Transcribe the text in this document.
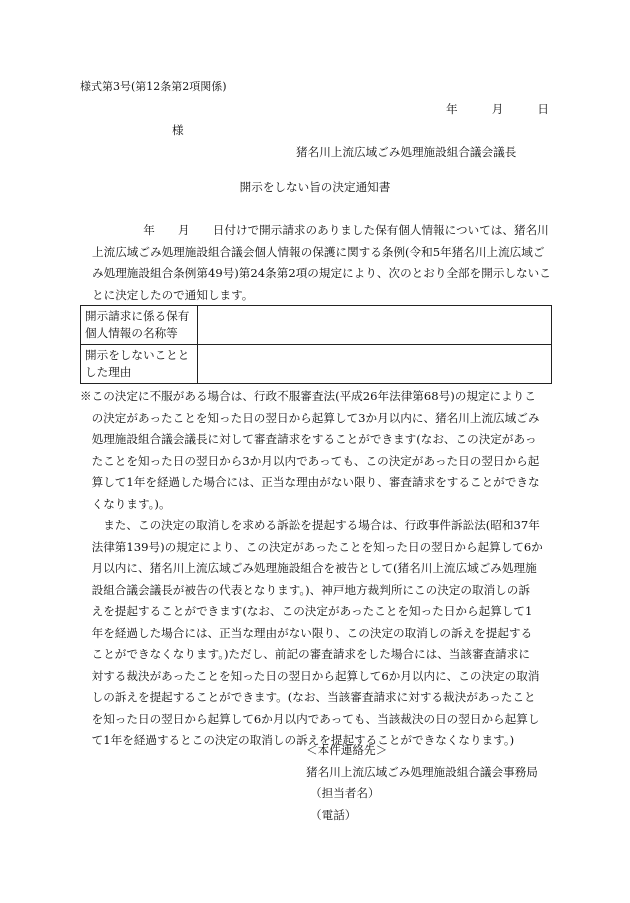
様式第3号(第12条第2項関係)
年	月	日
様
猪名川上流広域ごみ処理施設組合議会議長
開示をしない旨の決定通知書
　　年　　月　　日付けで開示請求のありました保有個人情報については、猪名川
上流広域ごみ処理施設組合議会個人情報の保護に関する条例(令和5年猪名川上流広域ご
み処理施設組合条例第49号)第24条第2項の規定により、次のとおり全部を開示しないこ
とに決定したので通知します。
開示請求に係る保有
個人情報の名称等	

開示をしないことと
した理由	

※この決定に不服がある場合は、行政不服審査法(平成26年法律第68号)の規定によりこ
　の決定があったことを知った日の翌日から起算して3か月以内に、猪名川上流広域ごみ
　処理施設組合議会議長に対して審査請求をすることができます(なお、この決定があっ
　たことを知った日の翌日から3か月以内であっても、この決定があった日の翌日から起
　算して1年を経過した場合には、正当な理由がない限り、審査請求をすることができな
　くなります。)。
　　また、この決定の取消しを求める訴訟を提起する場合は、行政事件訴訟法(昭和37年
　法律第139号)の規定により、この決定があったことを知った日の翌日から起算して6か
　月以内に、猪名川上流広域ごみ処理施設組合を被告として(猪名川上流広域ごみ処理施
　設組合議会議長が被告の代表となります。)、神戸地方裁判所にこの決定の取消しの訴
　えを提起することができます(なお、この決定があったことを知った日から起算して1
　年を経過した場合には、正当な理由がない限り、この決定の取消しの訴えを提起する
　ことができなくなります。)ただし、前記の審査請求をした場合には、当該審査請求に
　対する裁決があったことを知った日の翌日から起算して6か月以内に、この決定の取消
　しの訴えを提起することができます。(なお、当該審査請求に対する裁決があったこと
　を知った日の翌日から起算して6か月以内であっても、当該裁決の日の翌日から起算し
　て1年を経過するとこの決定の取消しの訴えを提起することができなくなります。)
＜本件連絡先＞
猪名川上流広域ごみ処理施設組合議会事務局
（担当者名）
（電話）
